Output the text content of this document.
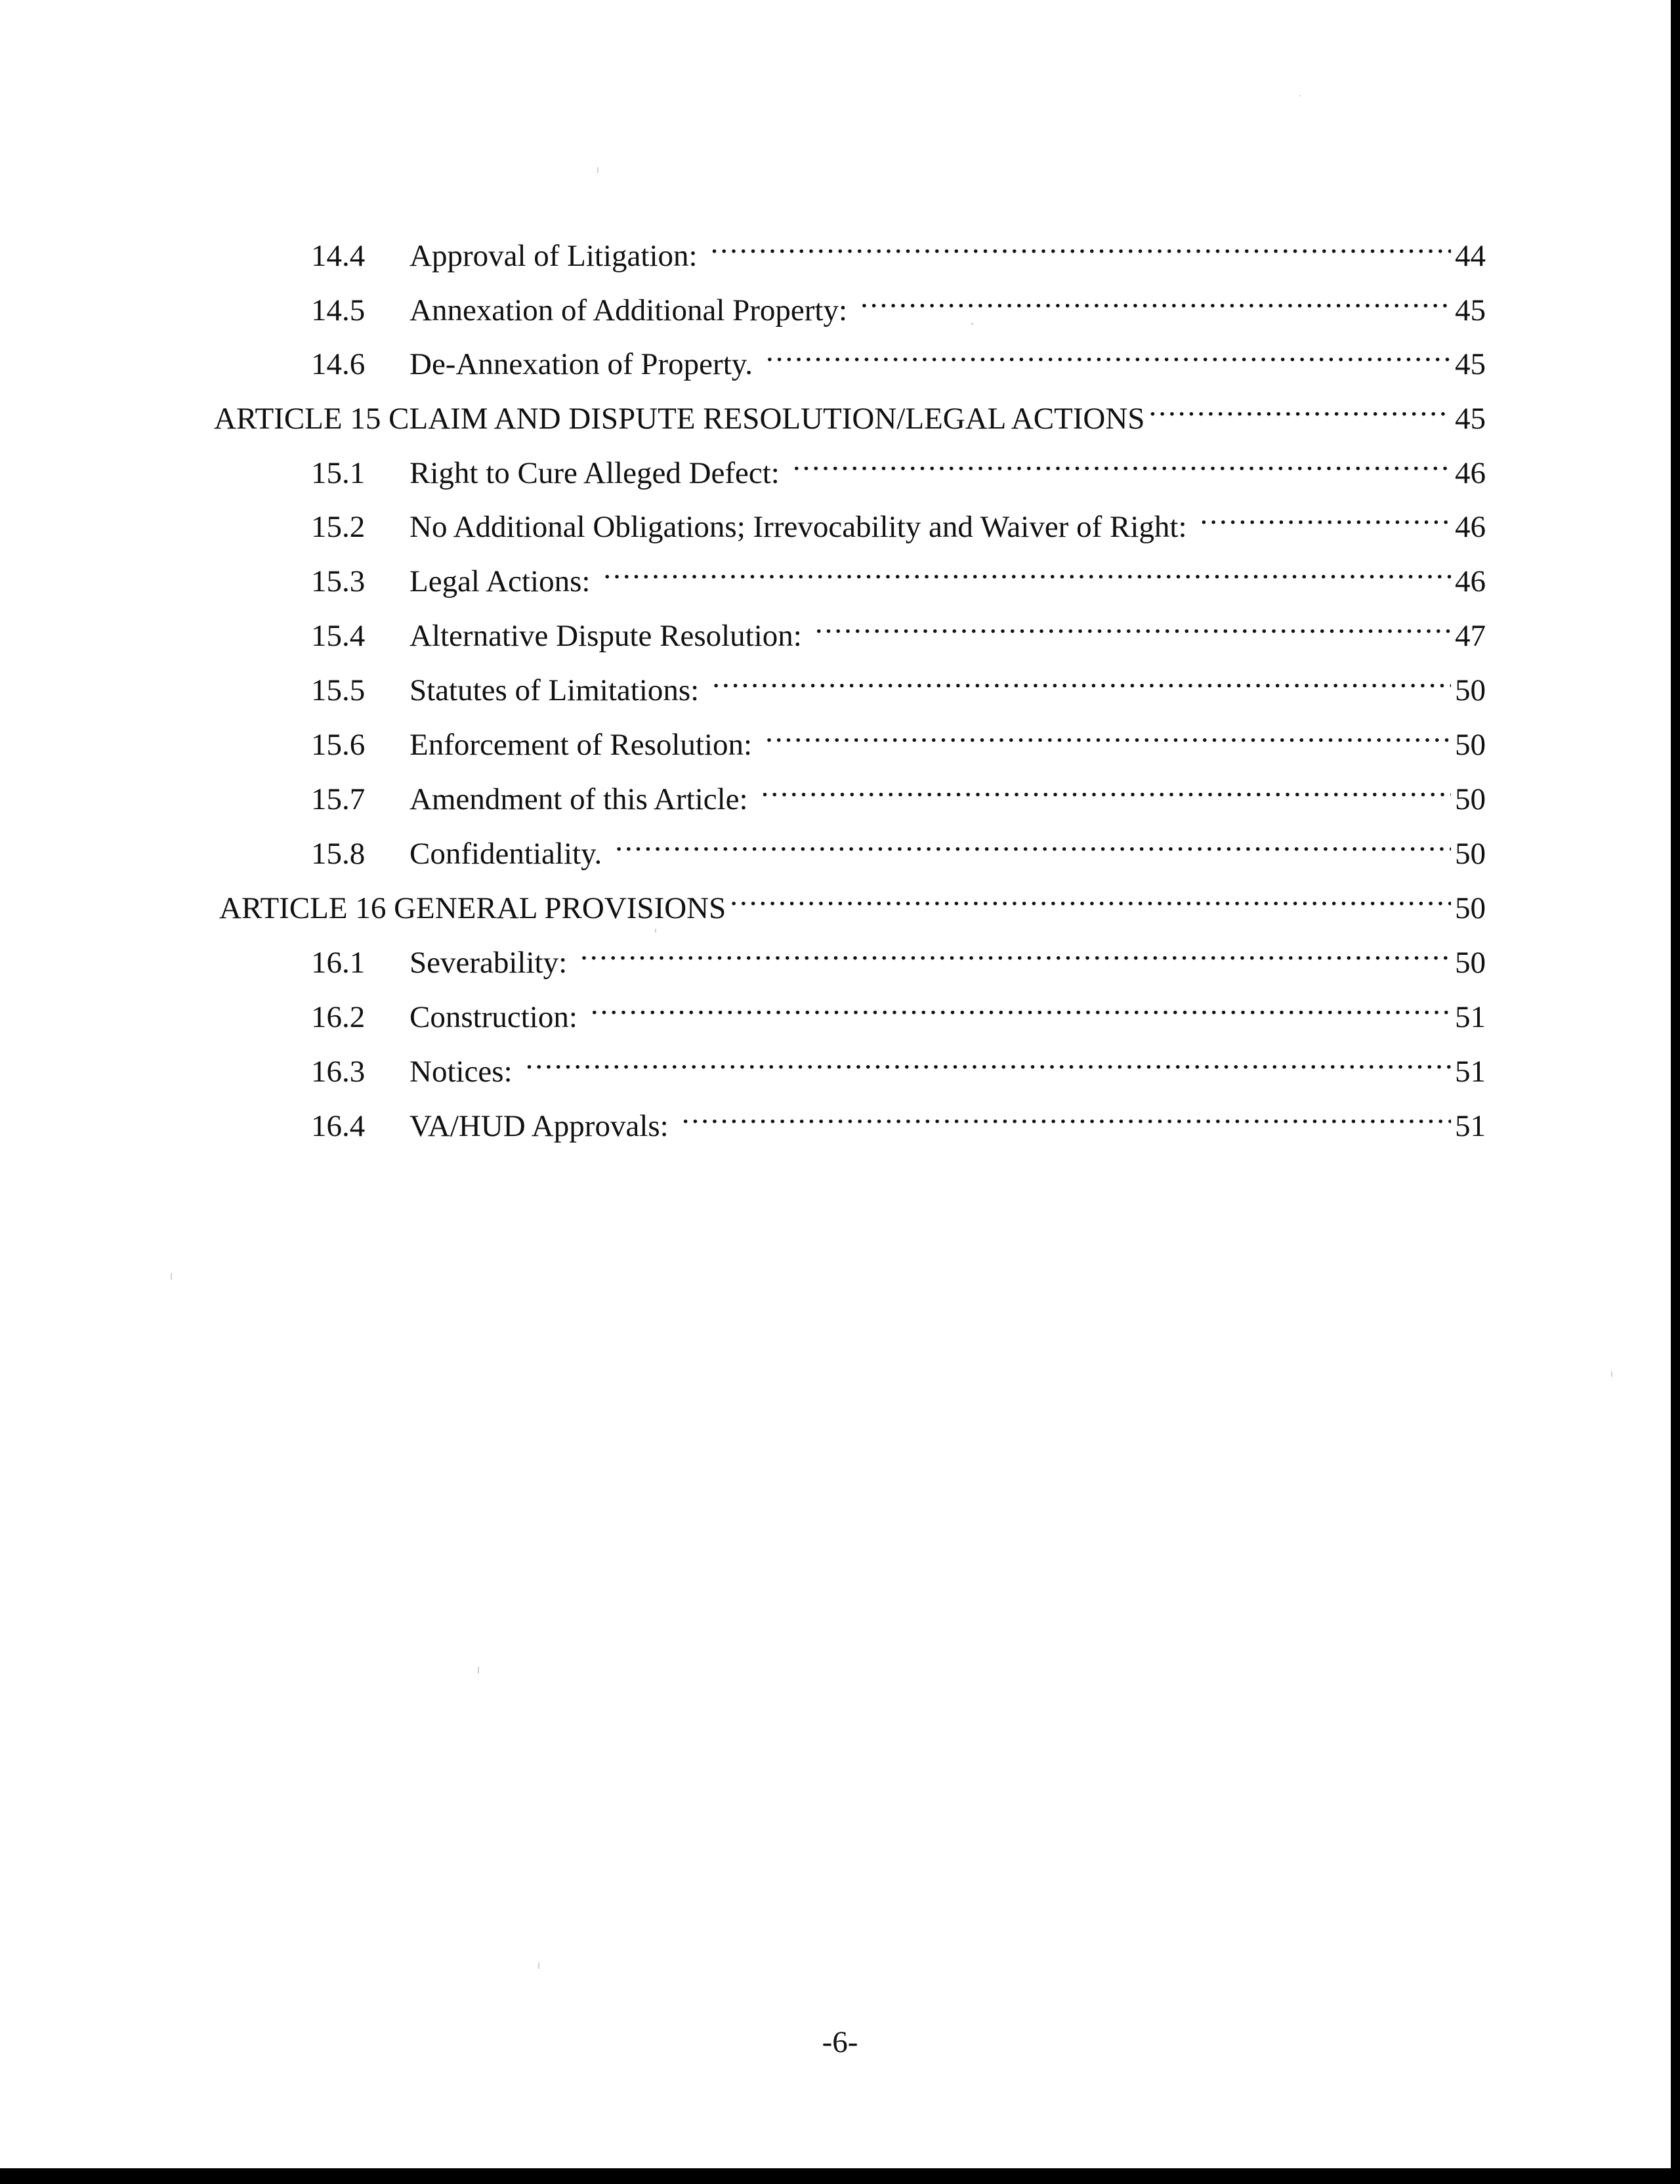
14.4	Approval of Litigation: .....	44
14.5	Annexation of Additional Property: .....	45
14.6	De-Annexation of Property. .....	45
ARTICLE 15 CLAIM AND DISPUTE RESOLUTION/LEGAL ACTIONS .....	45
15.1	Right to Cure Alleged Defect: .....	46
15.2	No Additional Obligations; Irrevocability and Waiver of Right: .....	46
15.3	Legal Actions: .....	46
15.4	Alternative Dispute Resolution: .....	47
15.5	Statutes of Limitations: .....	50
15.6	Enforcement of Resolution: .....	50
15.7	Amendment of this Article: .....	50
15.8	Confidentiality. .....	50
ARTICLE 16 GENERAL PROVISIONS .....	50
16.1	Severability: .....	50
16.2	Construction: .....	51
16.3	Notices: .....	51
16.4	VA/HUD Approvals: .....	51
-6-
